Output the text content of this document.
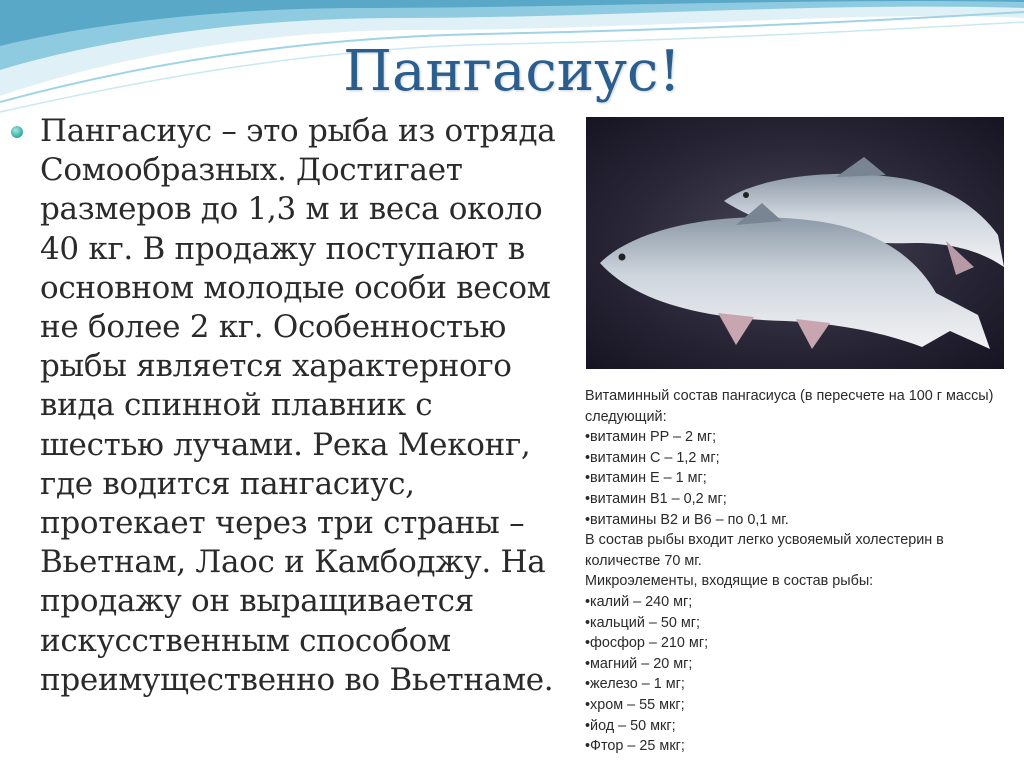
Пангасиус!

Пангасиус – это рыба из отряда
Сомообразных. Достигает
размеров до 1,3 м и веса около
40 кг. В продажу поступают в
основном молодые особи весом
не более 2 кг. Особенностью
рыбы является характерного
вида спинной плавник с
шестью лучами. Река Меконг,
где водится пангасиус,
протекает через три страны –
Вьетнам, Лаос и Камбоджу. На
продажу он выращивается
искусственным способом
преимущественно во Вьетнаме.

Витаминный состав пангасиуса (в пересчете на 100 г массы) следующий:
•витамин PP – 2 мг;
•витамин C – 1,2 мг;
•витамин E – 1 мг;
•витамин B1 – 0,2 мг;
•витамины B2 и B6 – по 0,1 мг.
В состав рыбы входит легко усвояемый холестерин в количестве 70 мг.
Микроэлементы, входящие в состав рыбы:
•калий – 240 мг;
•кальций – 50 мг;
•фосфор – 210 мг;
•магний – 20 мг;
•железо – 1 мг;
•хром – 55 мкг;
•йод – 50 мкг;
•Фтор – 25 мкг;
